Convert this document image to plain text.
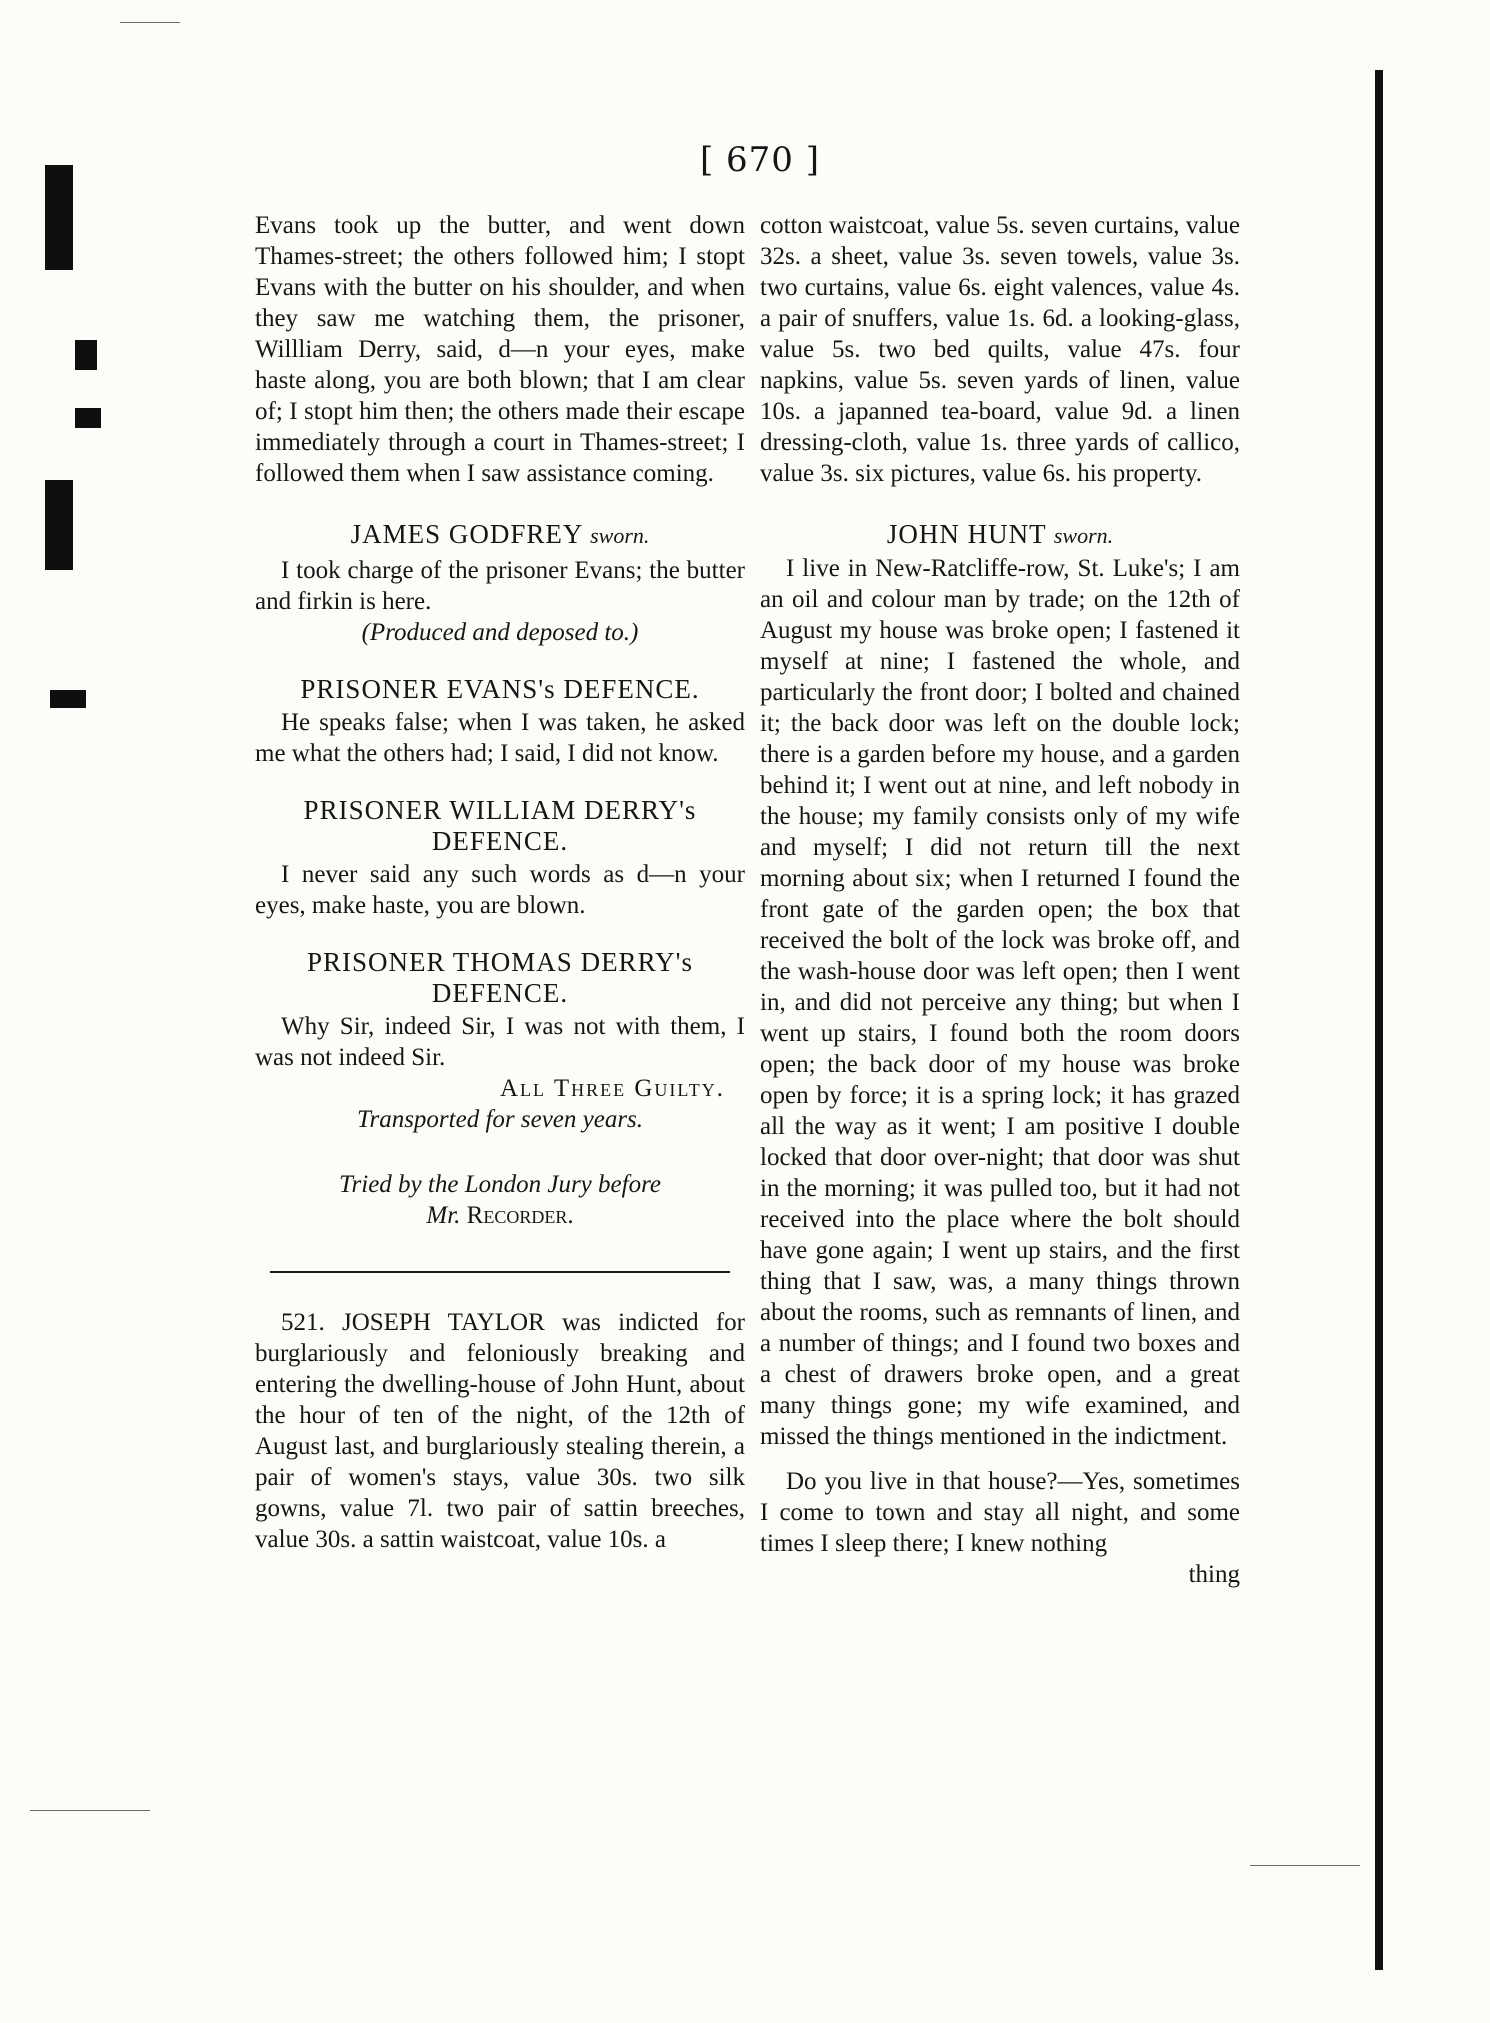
[ 670 ]

Evans took up the butter, and went down Thames-street; the others followed him; I stopt Evans with the butter on his shoulder, and when they saw me watching them, the prisoner, Willliam Derry, said, d—n your eyes, make haste along, you are both blown; that I am clear of; I stopt him then; the others made their escape immediately through a court in Thames-street; I followed them when I saw assistance coming.

JAMES GODFREY sworn.

I took charge of the prisoner Evans; the butter and firkin is here.

(Produced and deposed to.)

PRISONER EVANS's DEFENCE.

He speaks false; when I was taken, he asked me what the others had; I said, I did not know.

PRISONER WILLIAM DERRY's
DEFENCE.

I never said any such words as d—n your eyes, make haste, you are blown.

PRISONER THOMAS DERRY's
DEFENCE.

Why Sir, indeed Sir, I was not with them, I was not indeed Sir.

All Three Guilty.

Transported for seven years.

Tried by the London Jury before
Mr. Recorder.

521. JOSEPH TAYLOR was indicted for burglariously and feloniously breaking and entering the dwelling-house of John Hunt, about the hour of ten of the night, of the 12th of August last, and burglariously stealing therein, a pair of women's stays, value 30s. two silk gowns, value 7l. two pair of sattin breeches, value 30s. a sattin waistcoat, value 10s. a

cotton waistcoat, value 5s. seven curtains, value 32s. a sheet, value 3s. seven towels, value 3s. two curtains, value 6s. eight valences, value 4s. a pair of snuffers, value 1s. 6d. a looking-glass, value 5s. two bed quilts, value 47s. four napkins, value 5s. seven yards of linen, value 10s. a japanned tea-board, value 9d. a linen dressing-cloth, value 1s. three yards of callico, value 3s. six pictures, value 6s. his property.

JOHN HUNT sworn.

I live in New-Ratcliffe-row, St. Luke's; I am an oil and colour man by trade; on the 12th of August my house was broke open; I fastened it myself at nine; I fastened the whole, and particularly the front door; I bolted and chained it; the back door was left on the double lock; there is a garden before my house, and a garden behind it; I went out at nine, and left nobody in the house; my family consists only of my wife and myself; I did not return till the next morning about six; when I returned I found the front gate of the garden open; the box that received the bolt of the lock was broke off, and the wash-house door was left open; then I went in, and did not perceive any thing; but when I went up stairs, I found both the room doors open; the back door of my house was broke open by force; it is a spring lock; it has grazed all the way as it went; I am positive I double locked that door over-night; that door was shut in the morning; it was pulled too, but it had not received into the place where the bolt should have gone again; I went up stairs, and the first thing that I saw, was, a many things thrown about the rooms, such as remnants of linen, and a number of things; and I found two boxes and a chest of drawers broke open, and a great many things gone; my wife examined, and missed the things mentioned in the indictment.

Do you live in that house?—Yes, sometimes I come to town and stay all night, and some times I sleep there; I knew nothing

thing
